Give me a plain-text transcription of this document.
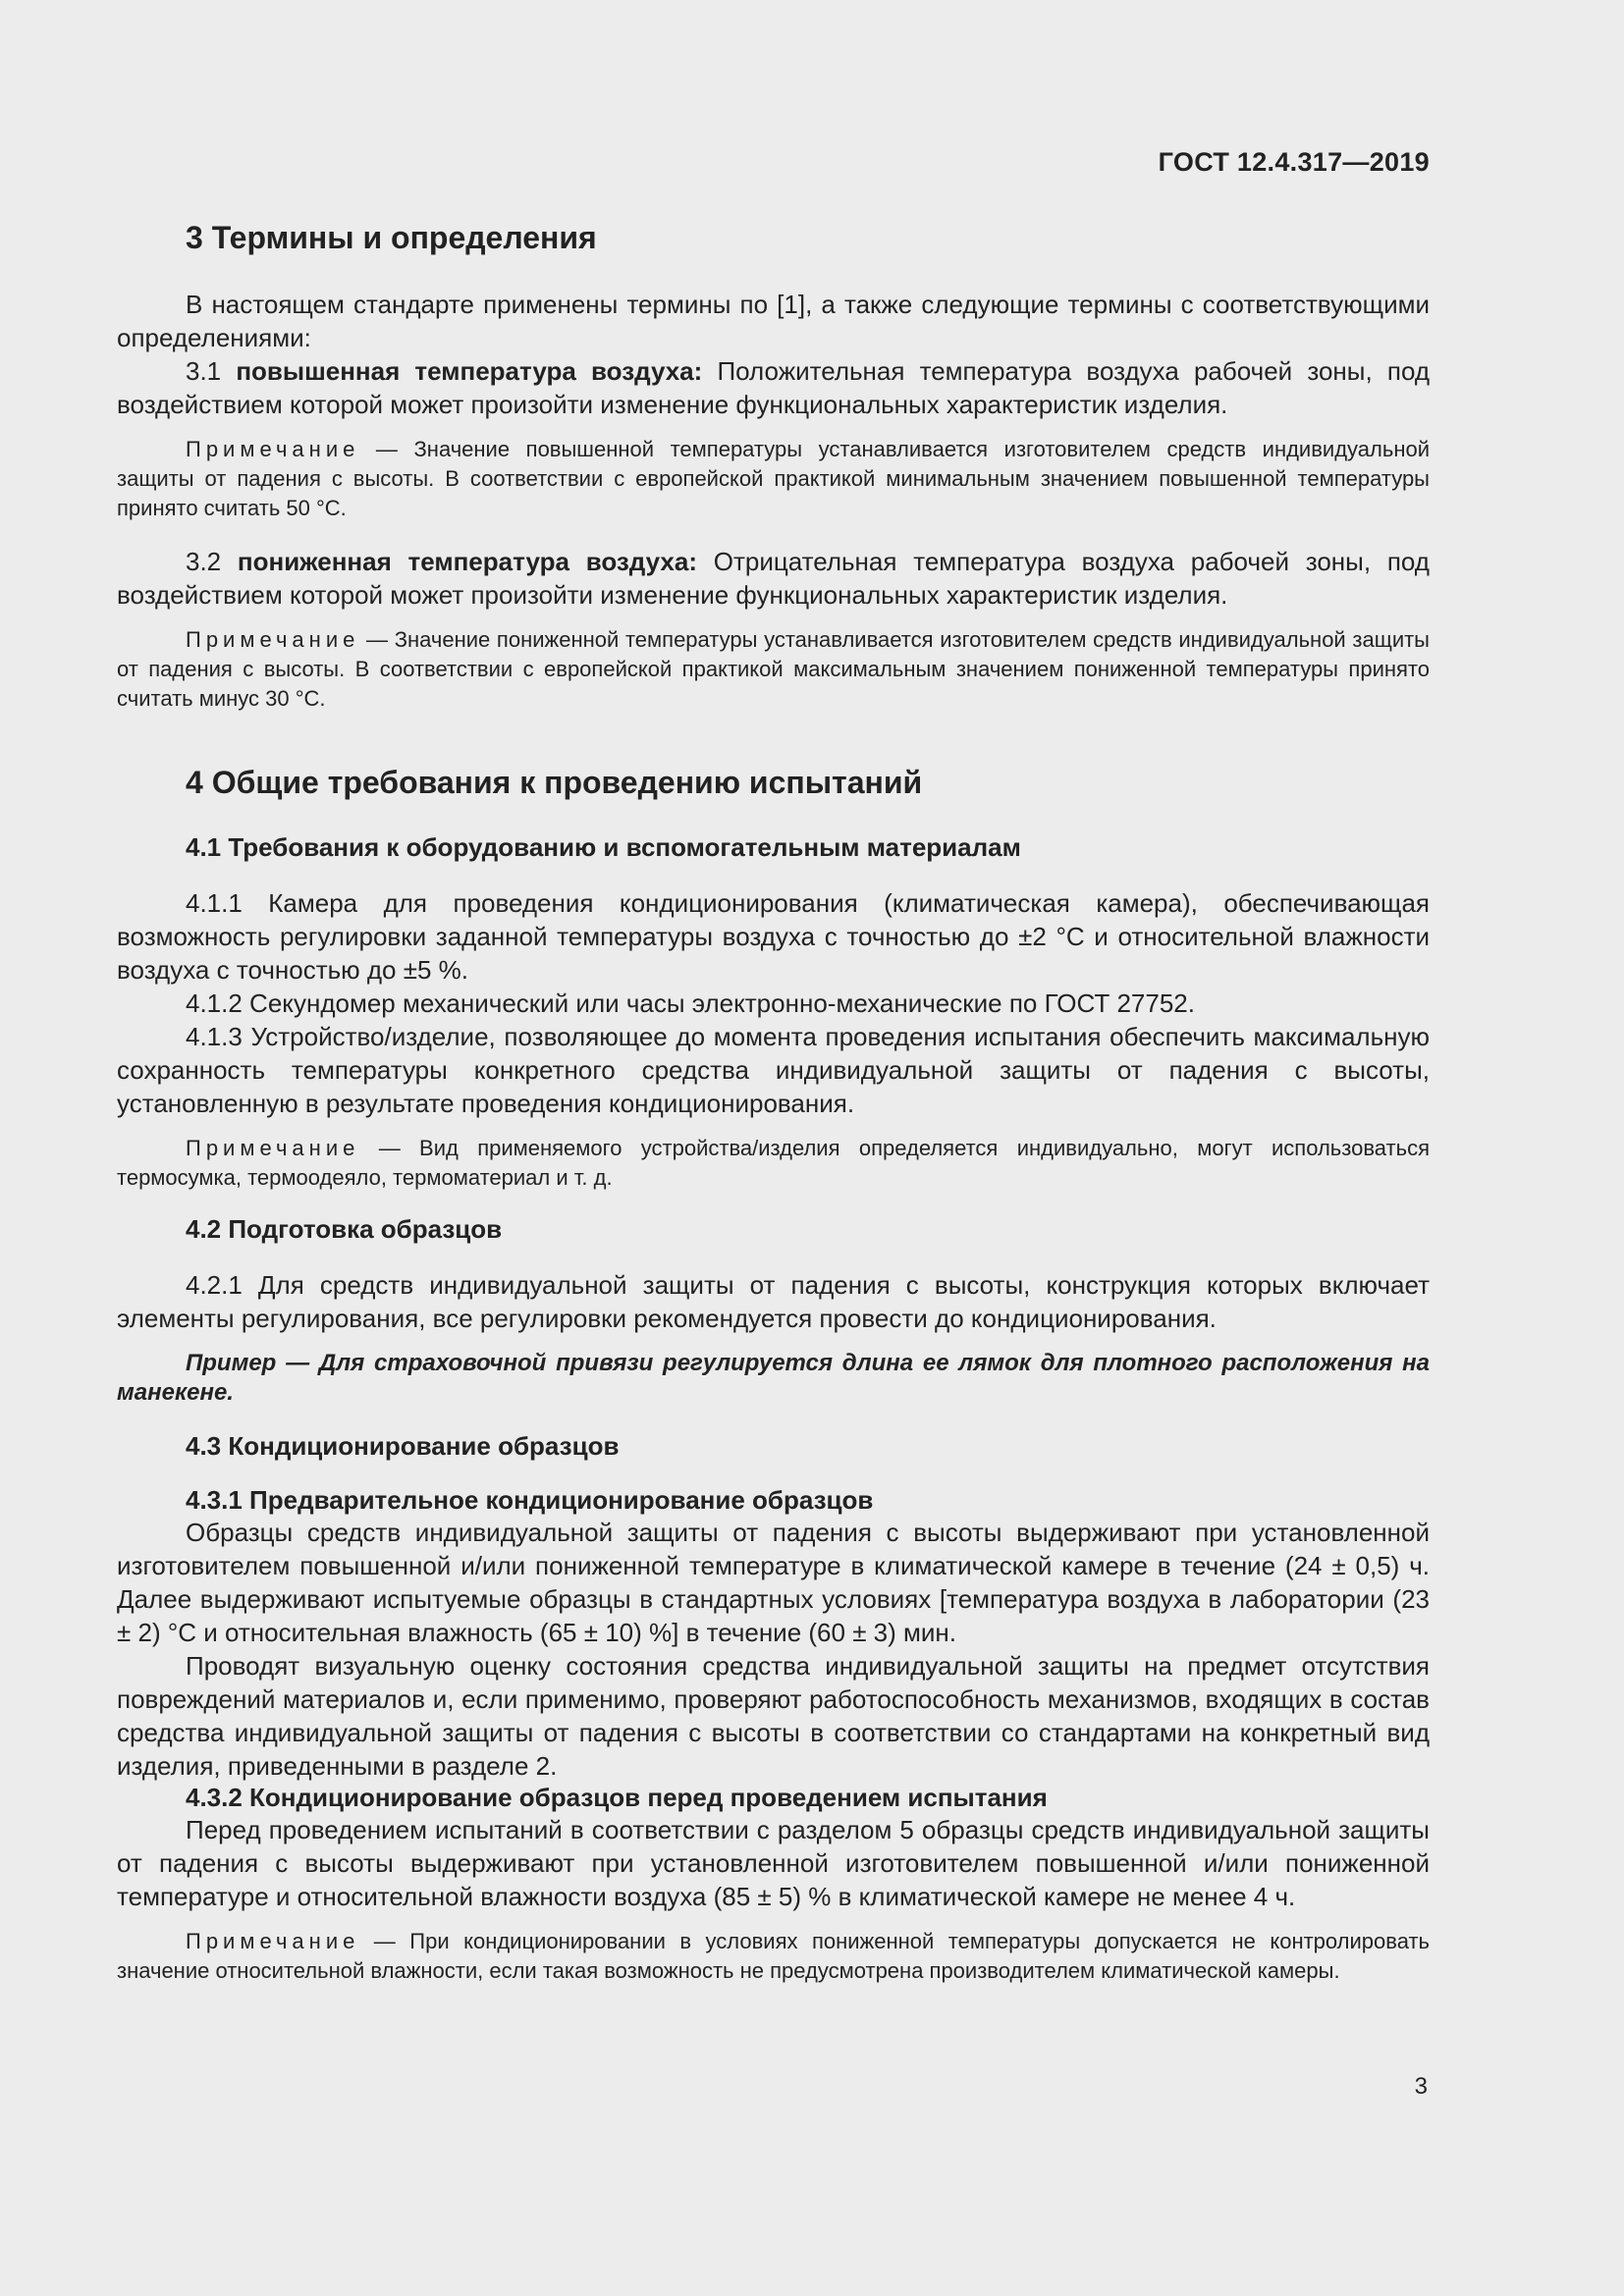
ГОСТ 12.4.317—2019
3 Термины и определения

В настоящем стандарте применены термины по [1], а также следующие термины с соответствующими определениями:

3.1 повышенная температура воздуха: Положительная температура воздуха рабочей зоны, под воздействием которой может произойти изменение функциональных характеристик изделия.

Примечание — Значение повышенной температуры устанавливается изготовителем средств индивидуальной защиты от падения с высоты. В соответствии с европейской практикой минимальным значением повышенной температуры принято считать 50 °С.

3.2 пониженная температура воздуха: Отрицательная температура воздуха рабочей зоны, под воздействием которой может произойти изменение функциональных характеристик изделия.

Примечание — Значение пониженной температуры устанавливается изготовителем средств индивидуальной защиты от падения с высоты. В соответствии с европейской практикой максимальным значением пониженной температуры принято считать минус 30 °С.

4 Общие требования к проведению испытаний
4.1 Требования к оборудованию и вспомогательным материалам

4.1.1 Камера для проведения кондиционирования (климатическая камера), обеспечивающая возможность регулировки заданной температуры воздуха с точностью до ±2 °С и относительной влажности воздуха с точностью до ±5 %.

4.1.2 Секундомер механический или часы электронно-механические по ГОСТ 27752.

4.1.3 Устройство/изделие, позволяющее до момента проведения испытания обеспечить максимальную сохранность температуры конкретного средства индивидуальной защиты от падения с высоты, установленную в результате проведения кондиционирования.

Примечание — Вид применяемого устройства/изделия определяется индивидуально, могут использоваться термосумка, термоодеяло, термоматериал и т. д.

4.2 Подготовка образцов

4.2.1 Для средств индивидуальной защиты от падения с высоты, конструкция которых включает элементы регулирования, все регулировки рекомендуется провести до кондиционирования.

Пример — Для страховочной привязи регулируется длина ее лямок для плотного расположения на манекене.

4.3 Кондиционирование образцов
4.3.1 Предварительное кондиционирование образцов

Образцы средств индивидуальной защиты от падения с высоты выдерживают при установленной изготовителем повышенной и/или пониженной температуре в климатической камере в течение (24 ± 0,5) ч. Далее выдерживают испытуемые образцы в стандартных условиях [температура воздуха в лаборатории (23 ± 2) °С и относительная влажность (65 ± 10) %] в течение (60 ± 3) мин.

Проводят визуальную оценку состояния средства индивидуальной защиты на предмет отсутствия повреждений материалов и, если применимо, проверяют работоспособность механизмов, входящих в состав средства индивидуальной защиты от падения с высоты в соответствии со стандартами на конкретный вид изделия, приведенными в разделе 2.

4.3.2 Кондиционирование образцов перед проведением испытания

Перед проведением испытаний в соответствии с разделом 5 образцы средств индивидуальной защиты от падения с высоты выдерживают при установленной изготовителем повышенной и/или пониженной температуре и относительной влажности воздуха (85 ± 5) % в климатической камере не менее 4 ч.

Примечание — При кондиционировании в условиях пониженной температуры допускается не контролировать значение относительной влажности, если такая возможность не предусмотрена производителем климатической камеры.

3
